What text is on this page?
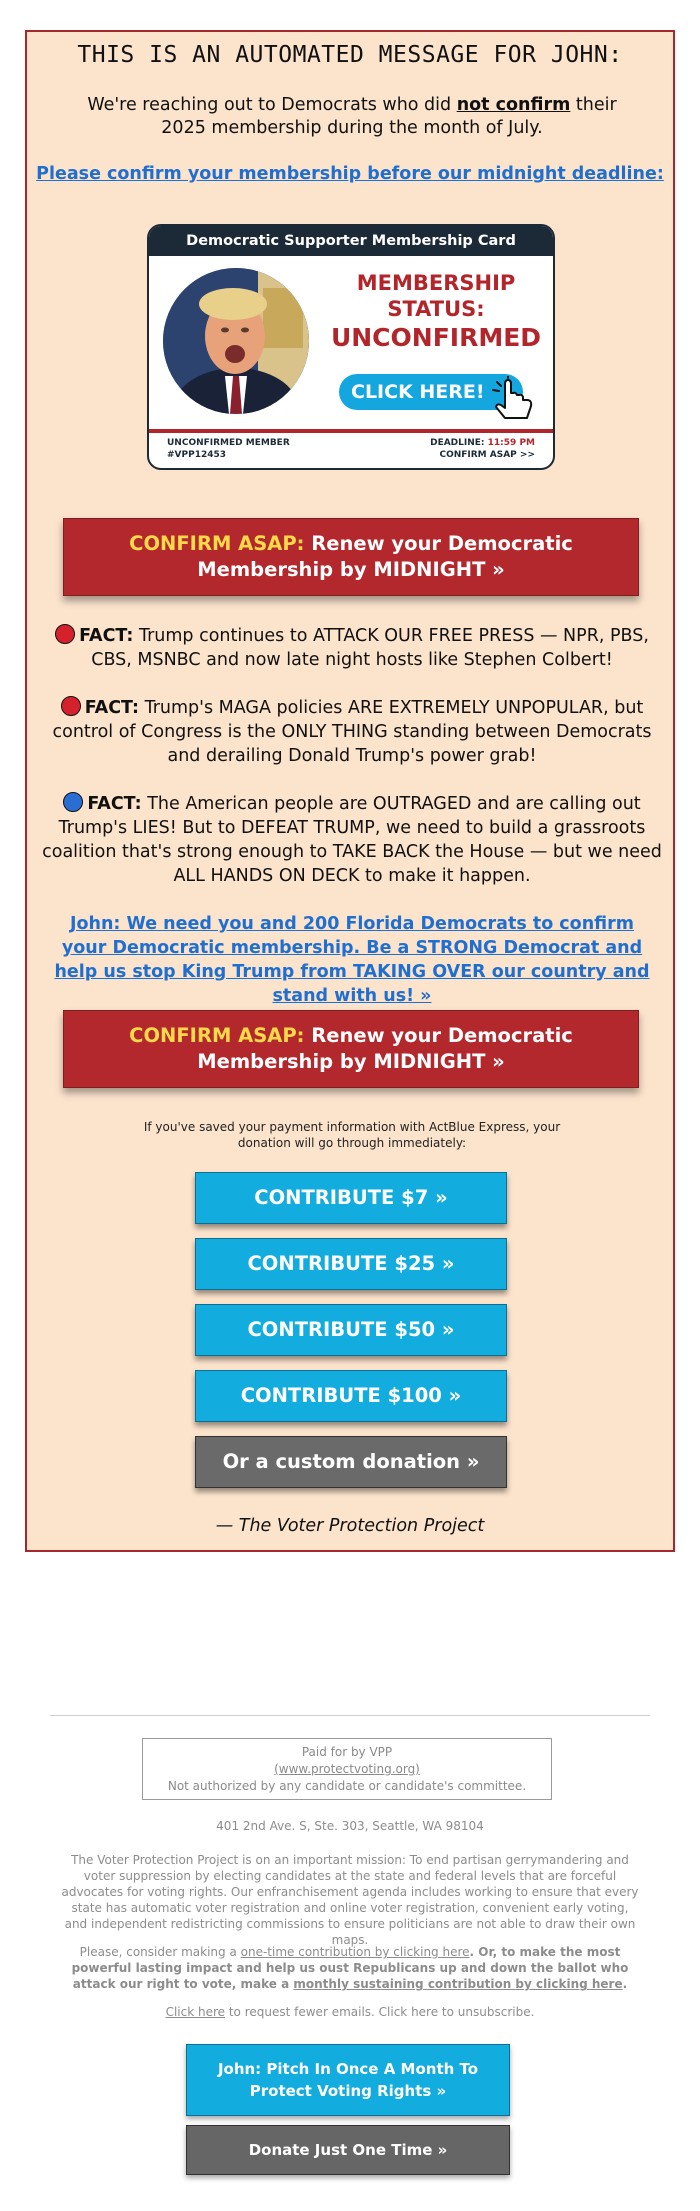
THIS IS AN AUTOMATED MESSAGE FOR JOHN:
We're reaching out to Democrats who did not confirm their 2025 membership during the month of July.
Please confirm your membership before our midnight deadline:
Democratic Supporter Membership Card
MEMBERSHIP
STATUS:
UNCONFIRMED
CLICK HERE!
UNCONFIRMED MEMBER
#VPP12453
DEADLINE: 11:59 PM
CONFIRM ASAP >>
CONFIRM ASAP: Renew your Democratic
Membership by MIDNIGHT »
FACT: Trump continues to ATTACK OUR FREE PRESS — NPR, PBS, CBS, MSNBC and now late night hosts like Stephen Colbert!
FACT: Trump's MAGA policies ARE EXTREMELY UNPOPULAR, but control of Congress is the ONLY THING standing between Democrats and derailing Donald Trump's power grab!
FACT: The American people are OUTRAGED and are calling out Trump's LIES! But to DEFEAT TRUMP, we need to build a grassroots coalition that's strong enough to TAKE BACK the House — but we need ALL HANDS ON DECK to make it happen.
John: We need you and 200 Florida Democrats to confirm your Democratic membership. Be a STRONG Democrat and help us stop King Trump from TAKING OVER our country and stand with us! »
CONFIRM ASAP: Renew your Democratic
Membership by MIDNIGHT »
If you've saved your payment information with ActBlue Express, your donation will go through immediately:
CONTRIBUTE $7 »
CONTRIBUTE $25 »
CONTRIBUTE $50 »
CONTRIBUTE $100 »
Or a custom donation »
— The Voter Protection Project
Paid for by VPP
(www.protectvoting.org)
Not authorized by any candidate or candidate's committee.
401 2nd Ave. S, Ste. 303, Seattle, WA 98104
The Voter Protection Project is on an important mission: To end partisan gerrymandering and voter suppression by electing candidates at the state and federal levels that are forceful advocates for voting rights. Our enfranchisement agenda includes working to ensure that every state has automatic voter registration and online voter registration, convenient early voting, and independent redistricting commissions to ensure politicians are not able to draw their own maps.
Please, consider making a one-time contribution by clicking here. Or, to make the most powerful lasting impact and help us oust Republicans up and down the ballot who attack our right to vote, make a monthly sustaining contribution by clicking here.
Click here to request fewer emails. Click here to unsubscribe.
John: Pitch In Once A Month To Protect Voting Rights »
Donate Just One Time »
